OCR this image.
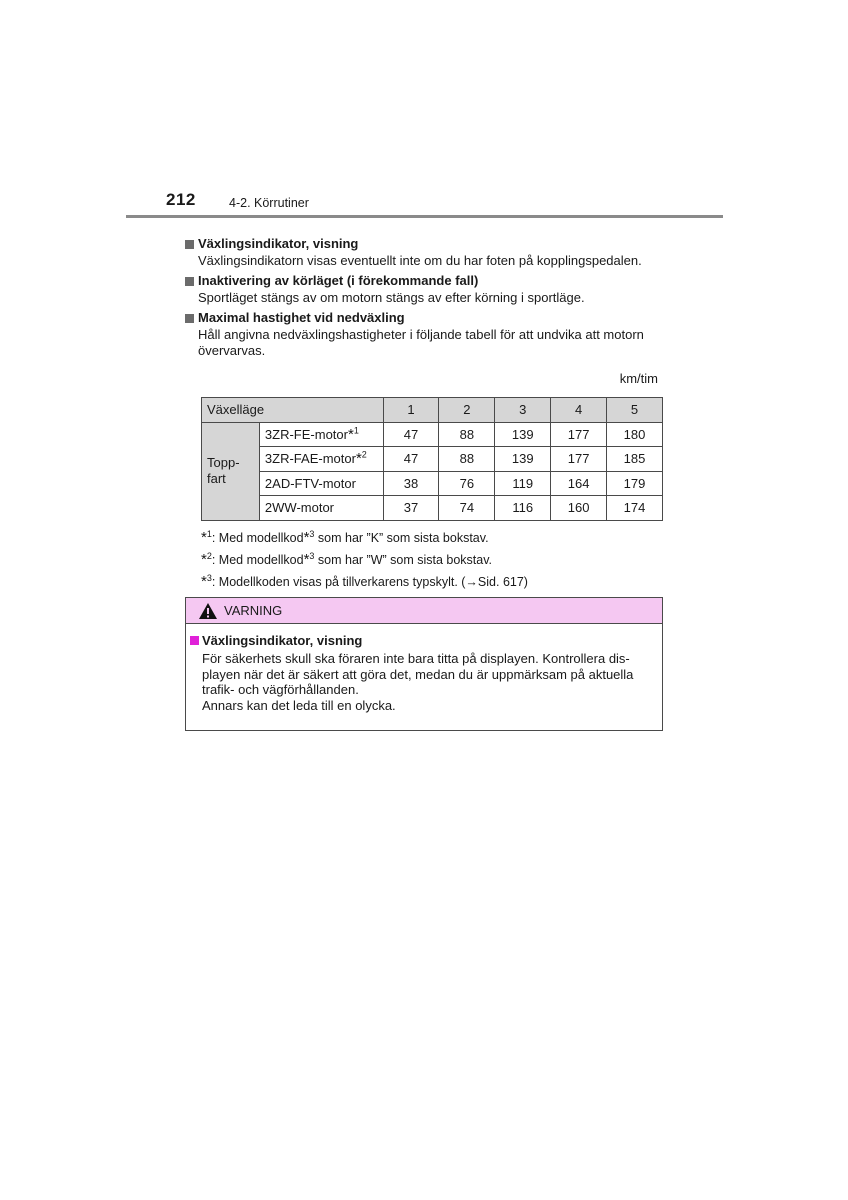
212	4-2. Körrutiner
Växlingsindikator, visning
Växlingsindikatorn visas eventuellt inte om du har foten på kopplingspedalen.
Inaktivering av körläget (i förekommande fall)
Sportläget stängs av om motorn stängs av efter körning i sportläge.
Maximal hastighet vid nedväxling
Håll angivna nedväxlingshastigheter i följande tabell för att undvika att motorn
övervarvas.
km/tim
Växelläge		1	2	3	4	5

Topp-
fart	3ZR-FE-motor*$^1$	47	88	139	177	180
	3ZR-FAE-motor*$^2$	47	88	139	177	185
	2AD-FTV-motor	38	76	119	164	179
	2WW-motor	37	74	116	160	174
*$^1$: Med modellkod*$^3$ som har ”K” som sista bokstav.
*$^2$: Med modellkod*$^3$ som har ”W” som sista bokstav.
*$^3$: Modellkoden visas på tillverkarens typskylt. (→Sid. 617)
VARNING
Växlingsindikator, visning
För säkerhets skull ska föraren inte bara titta på displayen. Kontrollera dis-
playen när det är säkert att göra det, medan du är uppmärksam på aktuella
trafik- och vägförhållanden.
Annars kan det leda till en olycka.
